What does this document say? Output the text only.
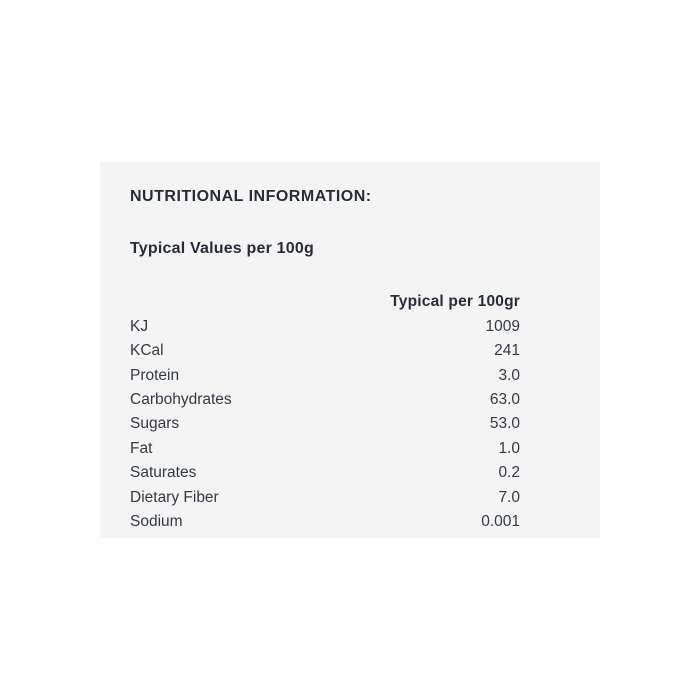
NUTRITIONAL INFORMATION:
Typical Values per 100g
Typical per 100gr
KJ	1009
KCal	241
Protein	3.0
Carbohydrates	63.0
Sugars	53.0
Fat	1.0
Saturates	0.2
Dietary Fiber	7.0
Sodium	0.001
